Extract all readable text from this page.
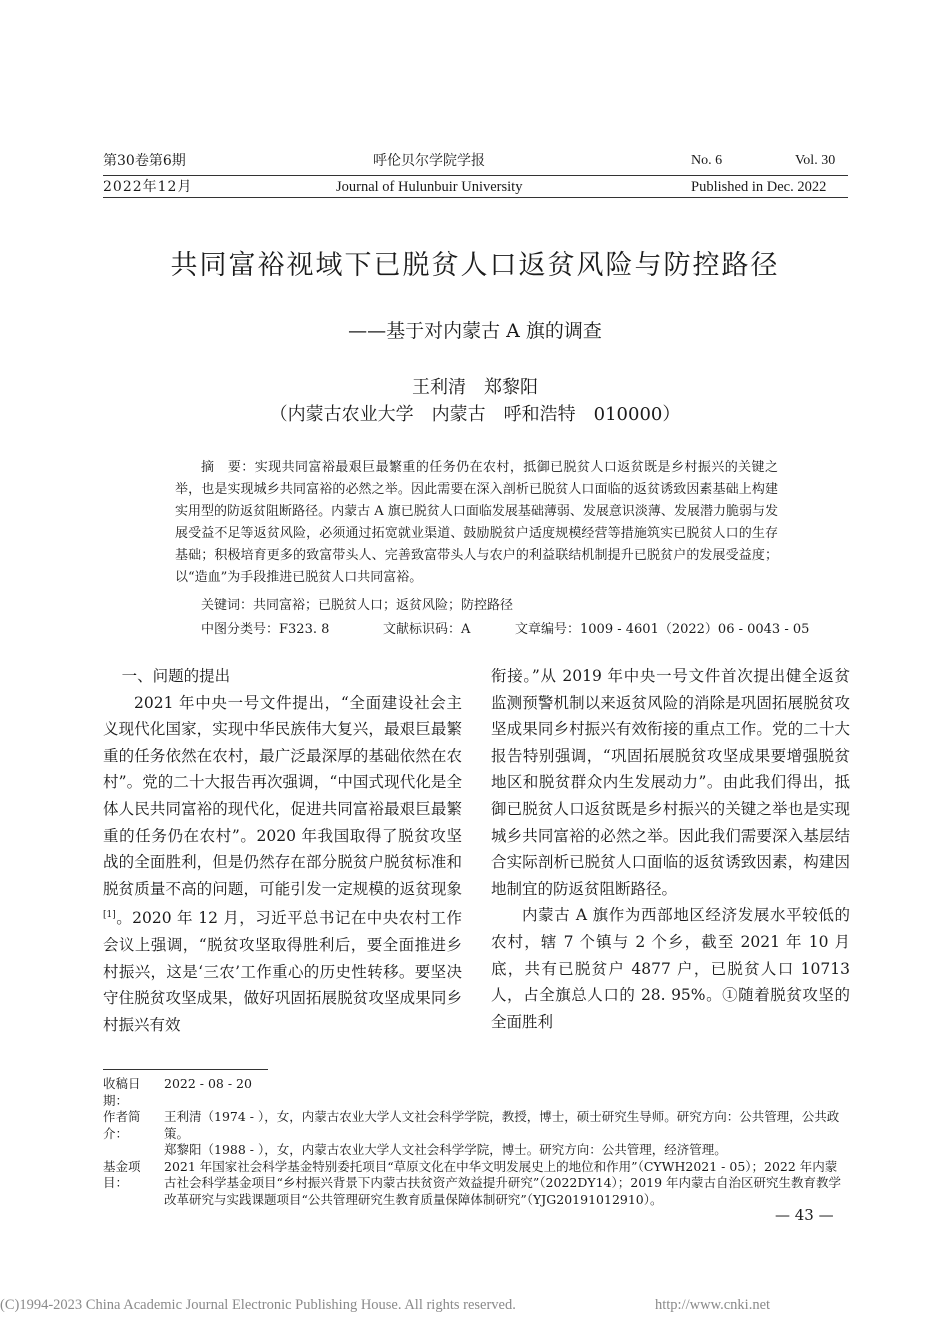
第30卷第6期	呼伦贝尔学院学报	No. 6	Vol. 30
2022年12月	Journal of Hulunbuir University	Published in Dec. 2022
共同富裕视域下已脱贫人口返贫风险与防控路径
——基于对内蒙古 A 旗的调查
王利清　郑黎阳
（内蒙古农业大学　内蒙古　呼和浩特　010000）
摘　要：实现共同富裕最艰巨最繁重的任务仍在农村，抵御已脱贫人口返贫既是乡村振兴的关键之举，也是实现城乡共同富裕的必然之举。因此需要在深入剖析已脱贫人口面临的返贫诱致因素基础上构建实用型的防返贫阻断路径。内蒙古 A 旗已脱贫人口面临发展基础薄弱、发展意识淡薄、发展潜力脆弱与发展受益不足等返贫风险，必须通过拓宽就业渠道、鼓励脱贫户适度规模经营等措施筑实已脱贫人口的生存基础；积极培育更多的致富带头人、完善致富带头人与农户的利益联结机制提升已脱贫户的发展受益度；以“造血”为手段推进已脱贫人口共同富裕。
关键词：共同富裕；已脱贫人口；返贫风险；防控路径
中图分类号：F323. 8	文献标识码：A	文章编号：1009 - 4601（2022）06 - 0043 - 05

一、问题的提出

2021 年中央一号文件提出，“全面建设社会主义现代化国家，实现中华民族伟大复兴，最艰巨最繁重的任务依然在农村，最广泛最深厚的基础依然在农村”。党的二十大报告再次强调，“中国式现代化是全体人民共同富裕的现代化，促进共同富裕最艰巨最繁重的任务仍在农村”。2020 年我国取得了脱贫攻坚战的全面胜利，但是仍然存在部分脱贫户脱贫标准和脱贫质量不高的问题，可能引发一定规模的返贫现象[1]。2020 年 12 月，习近平总书记在中央农村工作会议上强调，“脱贫攻坚取得胜利后，要全面推进乡村振兴，这是‘三农’工作重心的历史性转移。要坚决守住脱贫攻坚成果，做好巩固拓展脱贫攻坚成果同乡村振兴有效

衔接。”从 2019 年中央一号文件首次提出健全返贫监测预警机制以来返贫风险的消除是巩固拓展脱贫攻坚成果同乡村振兴有效衔接的重点工作。党的二十大报告特别强调，“巩固拓展脱贫攻坚成果要增强脱贫地区和脱贫群众内生发展动力”。由此我们得出，抵御已脱贫人口返贫既是乡村振兴的关键之举也是实现城乡共同富裕的必然之举。因此我们需要深入基层结合实际剖析已脱贫人口面临的返贫诱致因素，构建因地制宜的防返贫阻断路径。

内蒙古 A 旗作为西部地区经济发展水平较低的农村，辖 7 个镇与 2 个乡，截至 2021 年 10 月底，共有已脱贫户 4877 户，已脱贫人口 10713 人，占全旗总人口的 28. 95%。①随着脱贫攻坚的全面胜利

收稿日期：
2022 - 08 - 20
作者简介：
王利清（1974 - ），女，内蒙古农业大学人文社会科学学院，教授，博士，硕士研究生导师。研究方向：公共管理，公共政策。
郑黎阳（1988 - ），女，内蒙古农业大学人文社会科学学院，博士。研究方向：公共管理，经济管理。
基金项目：
2021 年国家社会科学基金特别委托项目“草原文化在中华文明发展史上的地位和作用”（CYWH2021 - 05）；2022 年内蒙古社会科学基金项目“乡村振兴背景下内蒙古扶贫资产效益提升研究”（2022DY14）；2019 年内蒙古自治区研究生教育教学改革研究与实践课题项目“公共管理研究生教育质量保障体制研究”（YJG20191012910）。
— 43 —
(C)1994-2023 China Academic Journal Electronic Publishing House. All rights reserved.	http://www.cnki.net
